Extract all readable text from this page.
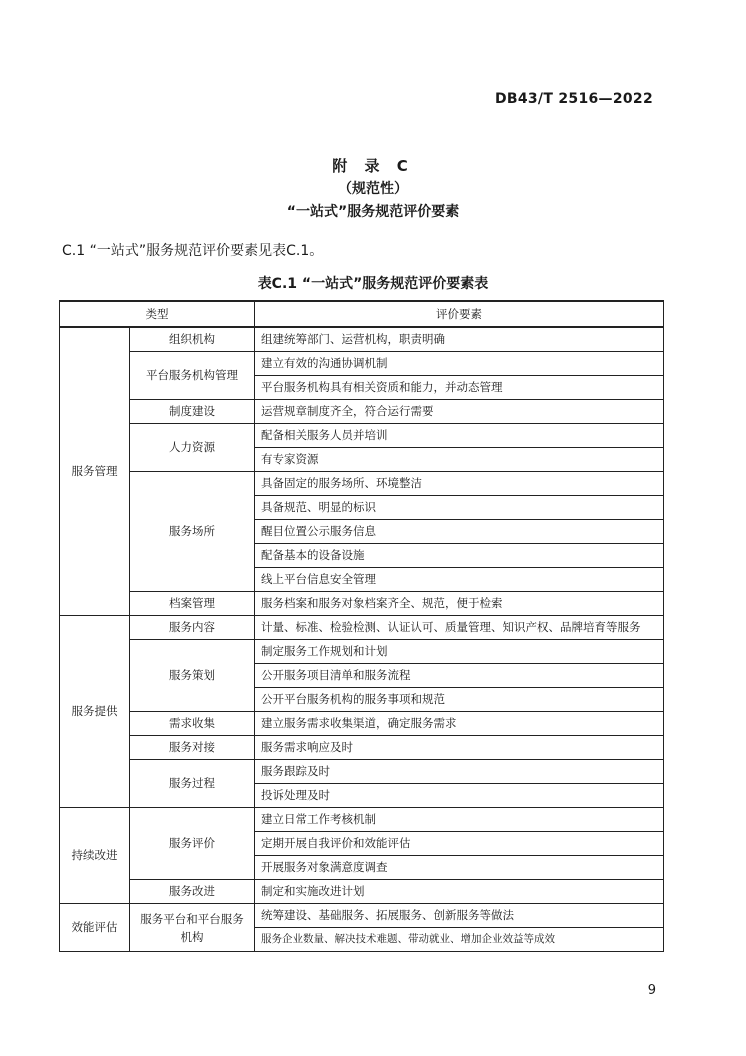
DB43/T 2516—2022
附 录 C
（规范性）
“一站式”服务规范评价要素
C.1 “一站式”服务规范评价要素见表C.1。
表C.1 “一站式”服务规范评价要素表
类型		评价要素
服务管理	组织机构	组建统筹部门、运营机构，职责明确
	平台服务机构管理	建立有效的沟通协调机制
		平台服务机构具有相关资质和能力，并动态管理
	制度建设	运营规章制度齐全，符合运行需要
	人力资源	配备相关服务人员并培训
		有专家资源
	服务场所	具备固定的服务场所、环境整洁
		具备规范、明显的标识
		醒目位置公示服务信息
		配备基本的设备设施
		线上平台信息安全管理
	档案管理	服务档案和服务对象档案齐全、规范，便于检索
服务提供	服务内容	计量、标准、检验检测、认证认可、质量管理、知识产权、品牌培育等服务
	服务策划	制定服务工作规划和计划
		公开服务项目清单和服务流程
		公开平台服务机构的服务事项和规范
	需求收集	建立服务需求收集渠道，确定服务需求
	服务对接	服务需求响应及时
	服务过程	服务跟踪及时
		投诉处理及时
持续改进	服务评价	建立日常工作考核机制
		定期开展自我评价和效能评估
		开展服务对象满意度调查
	服务改进	制定和实施改进计划
效能评估	服务平台和平台服务机构	统筹建设、基础服务、拓展服务、创新服务等做法
		服务企业数量、解决技术难题、带动就业、增加企业效益等成效
9
